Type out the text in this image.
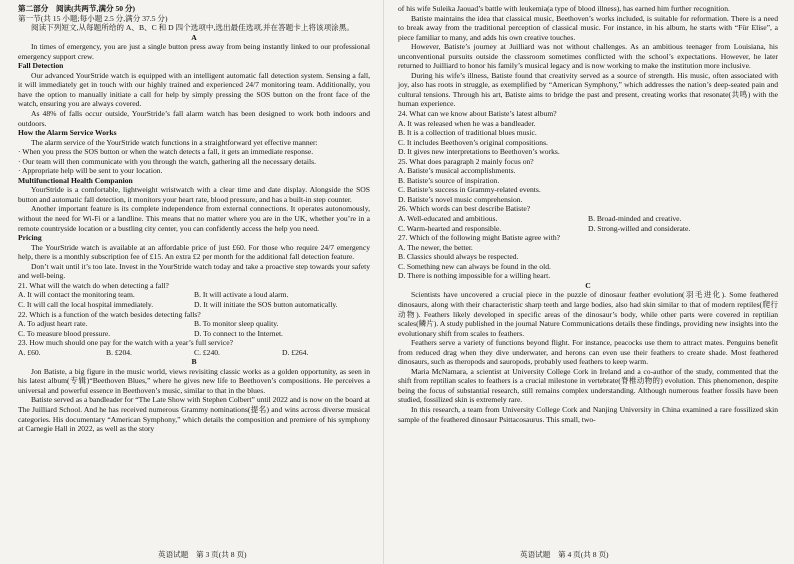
第二部分　阅读(共两节,满分 50 分)

第一节(共 15 小题;每小题 2.5 分,满分 37.5 分)

阅读下列短文,从每题所给的 A、B、C 和 D 四个选项中,选出最佳选项,并在答题卡上将该项涂黑。

A

In times of emergency, you are just a single button press away from being instantly linked to our professional emergency support crew.

Fall Detection

Our advanced YourStride watch is equipped with an intelligent automatic fall detection system. Sensing a fall, it will immediately get in touch with our highly trained and experienced 24/7 monitoring team. Additionally, you have the option to manually initiate a call for help by simply pressing the SOS button on the front face of the watch, ensuring you are always covered.

As 48% of falls occur outside, YourStride’s fall alarm watch has been designed to work both indoors and outdoors.

How the Alarm Service Works

The alarm service of the YourStride watch functions in a straightforward yet effective manner:

· When you press the SOS button or when the watch detects a fall, it gets an immediate response.

· Our team will then communicate with you through the watch, gathering all the necessary details.

· Appropriate help will be sent to your location.

Multifunctional Health Companion

YourStride is a comfortable, lightweight wristwatch with a clear time and date display. Alongside the SOS button and automatic fall detection, it monitors your heart rate, blood pressure, and has a built-in step counter.

Another important feature is its complete independence from external connections. It operates autonomously, without the need for Wi-Fi or a landline. This means that no matter where you are in the UK, whether you’re in a remote countryside location or a bustling city center, you can confidently access the help you need.

Pricing

The YourStride watch is available at an affordable price of just £60. For those who require 24/7 emergency help, there is a monthly subscription fee of £15. An extra £2 per month for the additional fall detection feature.

Don’t wait until it’s too late. Invest in the YourStride watch today and take a proactive step towards your safety and well-being.

21. What will the watch do when detecting a fall?

A. It will contact the monitoring team.	B. It will activate a loud alarm.
C. It will call the local hospital immediately.	D. It will initiate the SOS button automatically.

22. Which is a function of the watch besides detecting falls?

A. To adjust heart rate.	B. To monitor sleep quality.
C. To measure blood pressure.	D. To connect to the Internet.

23. How much should one pay for the watch with a year’s full service?

A. £60.	B. £204.	C. £240.	D. £264.

B

Jon Batiste, a big figure in the music world, views revisiting classic works as a golden opportunity, as seen in his latest album(专辑)“Beethoven Blues,” where he gives new life to Beethoven’s compositions. He perceives a universal and powerful essence in Beethoven’s music, similar to that in the blues.

Batiste served as a bandleader for “The Late Show with Stephen Colbert” until 2022 and is now on the board at The Juilliard School. And he has received numerous Grammy nominations(提名) and wins across diverse musical categories. His documentary “American Symphony,” which details the composition and premiere of his symphony at Carnegie Hall in 2022, as well as the story

of his wife Suleika Jaouad’s battle with leukemia(a type of blood illness), has earned him further recognition.

Batiste maintains the idea that classical music, Beethoven’s works included, is suitable for reformation. There is a need to break away from the traditional perception of classical music. For instance, in his album, he starts with “Für Elise”, a piece familiar to many, and adds his own creative touches.

However, Batiste’s journey at Juilliard was not without challenges. As an ambitious teenager from Louisiana, his unconventional pursuits outside the classroom sometimes conflicted with the school’s expectations. However, he later returned to Juilliard to honor his family’s musical legacy and is now working to make the institution more inclusive.

During his wife’s illness, Batiste found that creativity served as a source of strength. His music, often associated with joy, also has roots in struggle, as exemplified by “American Symphony,” which addresses the nation’s deep-seated pain and cultural tensions. Through his art, Batiste aims to bridge the past and present, creating works that resonate(共鸣) with the human experience.

24. What can we know about Batiste’s latest album?

A. It was released when he was a bandleader.

B. It is a collection of traditional blues music.

C. It includes Beethoven’s original compositions.

D. It gives new interpretations to Beethoven’s works.

25. What does paragraph 2 mainly focus on?

A. Batiste’s musical accomplishments.

B. Batiste’s source of inspiration.

C. Batiste’s success in Grammy-related events.

D. Batiste’s novel music comprehension.

26. Which words can best describe Batiste?

A. Well-educated and ambitious.	B. Broad-minded and creative.
C. Warm-hearted and responsible.	D. Strong-willed and considerate.

27. Which of the following might Batiste agree with?

A. The newer, the better.

B. Classics should always be respected.

C. Something new can always be found in the old.

D. There is nothing impossible for a willing heart.

C

Scientists have uncovered a crucial piece in the puzzle of dinosaur feather evolution(羽毛进化). Some feathered dinosaurs, along with their characteristic sharp teeth and large bodies, also had skin similar to that of modern reptiles(爬行动物). Feathers likely developed in specific areas of the dinosaur’s body, while other parts were covered in reptilian scales(鳞片). A study published in the journal Nature Communications details these findings, providing new insights into the evolutionary shift from scales to feathers.

Feathers serve a variety of functions beyond flight. For instance, peacocks use them to attract mates. Penguins benefit from reduced drag when they dive underwater, and herons can even use their feathers to create shade. Most feathered dinosaurs, such as theropods and sauropods, probably used feathers to keep warm.

Maria McNamara, a scientist at University College Cork in Ireland and a co-author of the study, commented that the shift from reptilian scales to feathers is a crucial milestone in vertebrate(脊椎动物的) evolution. This phenomenon, despite being the focus of substantial research, still remains complex understanding. Although numerous feather fossils have been studied, fossilized skin is extremely rare.

In this research, a team from University College Cork and Nanjing University in China examined a rare fossilized skin sample of the feathered dinosaur Psittacosaurus. This small, two-

英语试题　第 3 页(共 8 页)	英语试题　第 4 页(共 8 页)
